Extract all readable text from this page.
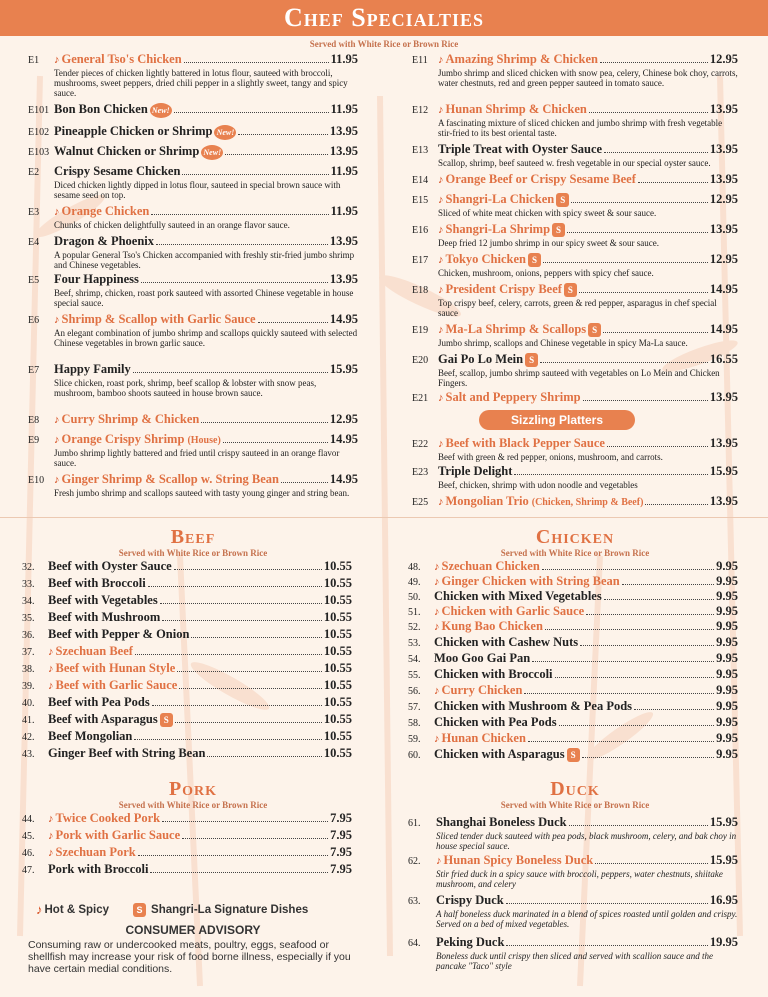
Chef Specialties
Served with White Rice or Brown Rice
E1	♪ General Tso's Chicken	11.95
Tender pieces of chicken lightly battered in lotus flour, sauteed with broccoli, mushrooms, sweet peppers, dried chili pepper in a slightly sweet, tangy and spicy sauce.
E101 Bon Bon Chicken New!	11.95
E102 Pineapple Chicken or Shrimp New!	13.95
E103 Walnut Chicken or Shrimp New!	13.95
E2	Crispy Sesame Chicken	11.95
Diced chicken lightly dipped in lotus flour, sauteed in special brown sauce with sesame seed on top.
E3	♪ Orange Chicken	11.95
Chunks of chicken delightfully sauteed in an orange flavor sauce.
E4	Dragon & Phoenix	13.95
A popular General Tso's Chicken accompanied with freshly stir-fried jumbo shrimp and Chinese vegetables.
E5	Four Happiness	13.95
Beef, shrimp, chicken, roast pork sauteed with assorted Chinese vegetable in house special sauce.
E6	♪ Shrimp & Scallop with Garlic Sauce	14.95
An elegant combination of jumbo shrimp and scallops quickly sauteed with selected Chinese vegetables in brown garlic sauce.
E7	Happy Family	15.95
Slice chicken, roast pork, shrimp, beef scallop & lobster with snow peas, mushroom, bamboo shoots sauteed in house brown sauce.
E8	♪ Curry Shrimp & Chicken	12.95
E9	♪ Orange Crispy Shrimp (House)	14.95
Jumbo shrimp lightly battered and fried until crispy sauteed in an orange flavor sauce.
E10 ♪ Ginger Shrimp & Scallop w. String Bean	14.95
Fresh jumbo shrimp and scallops sauteed with tasty young ginger and string bean.
E11 ♪ Amazing Shrimp & Chicken	12.95
Jumbo shrimp and sliced chicken with snow pea, celery, Chinese bok choy, carrots, water chestnuts, red and green pepper sauteed in tomato sauce.
E12 ♪ Hunan Shrimp & Chicken	13.95
A fascinating mixture of sliced chicken and jumbo shrimp with fresh vegetable stir-fried to its best oriental taste.
E13 Triple Treat with Oyster Sauce	13.95
Scallop, shrimp, beef sauteed w. fresh vegetable in our special oyster sauce.
E14 ♪ Orange Beef or Crispy Sesame Beef	13.95
E15 ♪ Shangri-La Chicken S	12.95
Sliced of white meat chicken with spicy sweet & sour sauce.
E16 ♪ Shangri-La Shrimp S	13.95
Deep fried 12 jumbo shrimp in our spicy sweet & sour sauce.
E17 ♪ Tokyo Chicken S	12.95
Chicken, mushroom, onions, peppers with spicy chef sauce.
E18 ♪ President Crispy Beef S	14.95
Top crispy beef, celery, carrots, green & red pepper, asparagus in chef special sauce
E19 ♪ Ma-La Shrimp & Scallops S	14.95
Jumbo shrimp, scallops and Chinese vegetable in spicy Ma-La sauce.
E20 Gai Po Lo Mein S	16.55
Beef, scallop, jumbo shrimp sauteed with vegetables on Lo Mein and Chicken Fingers.
E21 ♪ Salt and Peppery Shrimp	13.95
Sizzling Platters
E22 ♪ Beef with Black Pepper Sauce	13.95
Beef with green & red pepper, onions, mushroom, and carrots.
E23 Triple Delight	15.95
Beef, chicken, shrimp with udon noodle and vegetables
E25 ♪ Mongolian Trio (Chicken, Shrimp & Beef)	13.95
Beef
Served with White Rice or Brown Rice
32.	Beef with Oyster Sauce	10.55
33.	Beef with Broccoli	10.55
34.	Beef with Vegetables	10.55
35.	Beef with Mushroom	10.55
36.	Beef with Pepper & Onion	10.55
37.	♪ Szechuan Beef	10.55
38.	♪ Beef with Hunan Style	10.55
39.	♪ Beef with Garlic Sauce	10.55
40.	Beef with Pea Pods	10.55
41.	Beef with Asparagus S	10.55
42.	Beef Mongolian	10.55
43.	Ginger Beef with String Bean	10.55
Pork
Served with White Rice or Brown Rice
44.	♪ Twice Cooked Pork	7.95
45.	♪ Pork with Garlic Sauce	7.95
46.	♪ Szechuan Pork	7.95
47.	Pork with Broccoli	7.95
Chicken
Served with White Rice or Brown Rice
48.	♪ Szechuan Chicken	9.95
49.	♪ Ginger Chicken with String Bean	9.95
50.	Chicken with Mixed Vegetables	9.95
51.	♪ Chicken with Garlic Sauce	9.95
52.	♪ Kung Bao Chicken	9.95
53.	Chicken with Cashew Nuts	9.95
54.	Moo Goo Gai Pan	9.95
55.	Chicken with Broccoli	9.95
56.	♪ Curry Chicken	9.95
57.	Chicken with Mushroom & Pea Pods	9.95
58.	Chicken with Pea Pods	9.95
59.	♪ Hunan Chicken	9.95
60.	Chicken with Asparagus S	9.95
Duck
Served with White Rice or Brown Rice
61.	Shanghai Boneless Duck	15.95
Sliced tender duck sauteed with pea pods, black mushroom, celery, and bak choy in house special sauce.
62.	♪ Hunan Spicy Boneless Duck	15.95
Stir fried duck in a spicy sauce with broccoli, peppers, water chestnuts, shiitake mushroom, and celery
63.	Crispy Duck	16.95
A half boneless duck marinated in a blend of spices roasted until golden and crispy. Served on a bed of mixed vegetables.
64.	Peking Duck	19.95
Boneless duck until crispy then sliced and served with scallion sauce and the pancake "Taco" style
♪ Hot & Spicy	S Shangri-La Signature Dishes
CONSUMER ADVISORY
Consuming raw or undercooked meats, poultry, eggs, seafood or shellfish may increase your risk of food borne illness, especially if you have certain medial conditions.
